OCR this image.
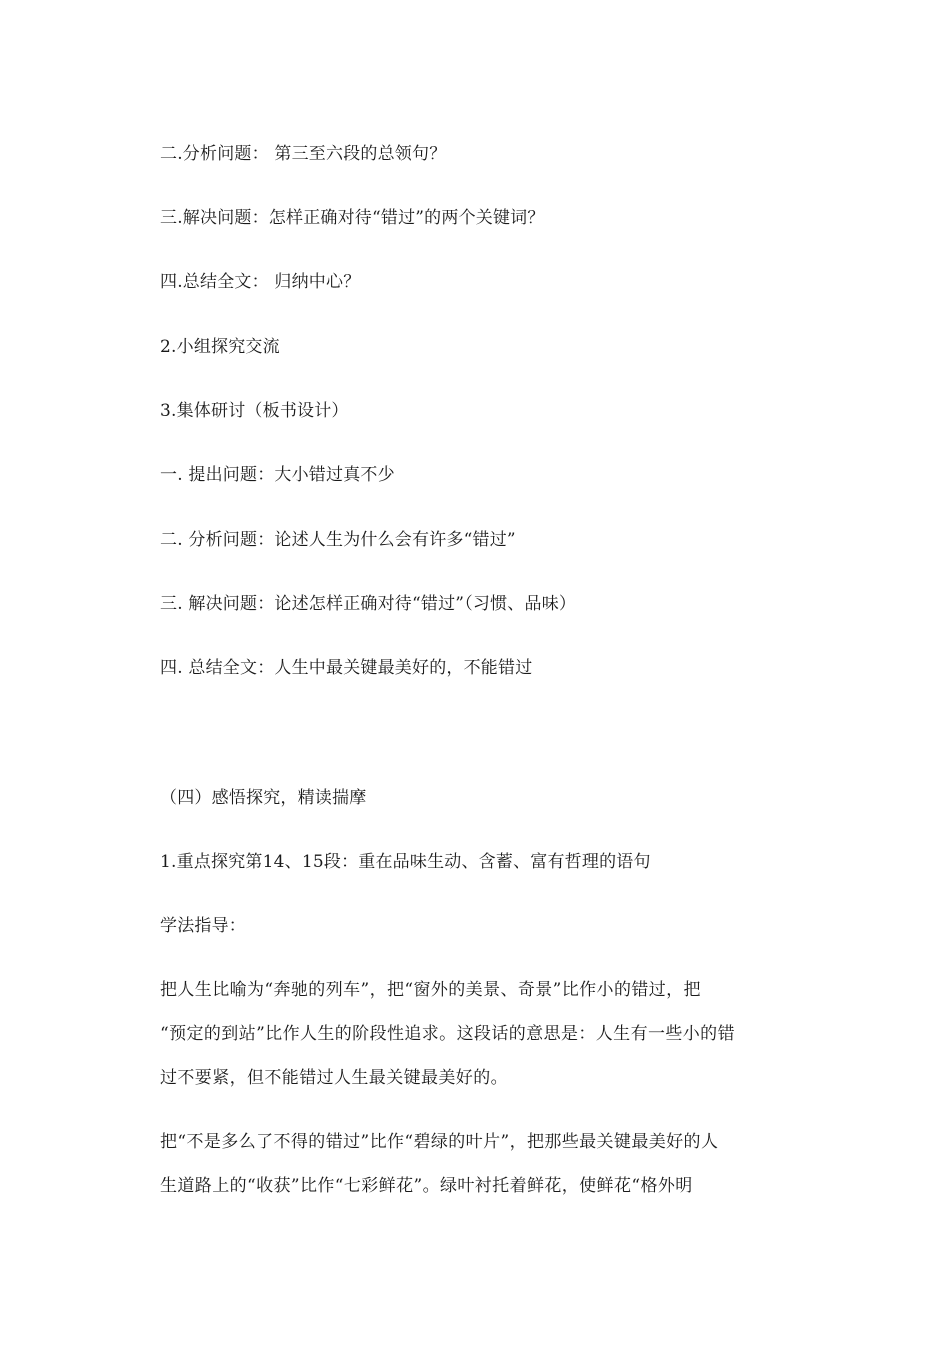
二.分析问题： 第三至六段的总领句？
三.解决问题：怎样正确对待“错过”的两个关键词？
四.总结全文： 归纳中心？
2.小组探究交流
3.集体研讨（板书设计）
一. 提出问题：大小错过真不少
二. 分析问题：论述人生为什么会有许多“错过”
三. 解决问题：论述怎样正确对待“错过”（习惯、品味）
四. 总结全文：人生中最关键最美好的，不能错过
（四）感悟探究，精读揣摩
1.重点探究第14、15段：重在品味生动、含蓄、富有哲理的语句
学法指导：
把人生比喻为“奔驰的列车”，把“窗外的美景、奇景”比作小的错过，把
“预定的到站”比作人生的阶段性追求。这段话的意思是：人生有一些小的错
过不要紧，但不能错过人生最关键最美好的。
把“不是多么了不得的错过”比作“碧绿的叶片”，把那些最关键最美好的人
生道路上的“收获”比作“七彩鲜花”。绿叶衬托着鲜花，使鲜花“格外明
